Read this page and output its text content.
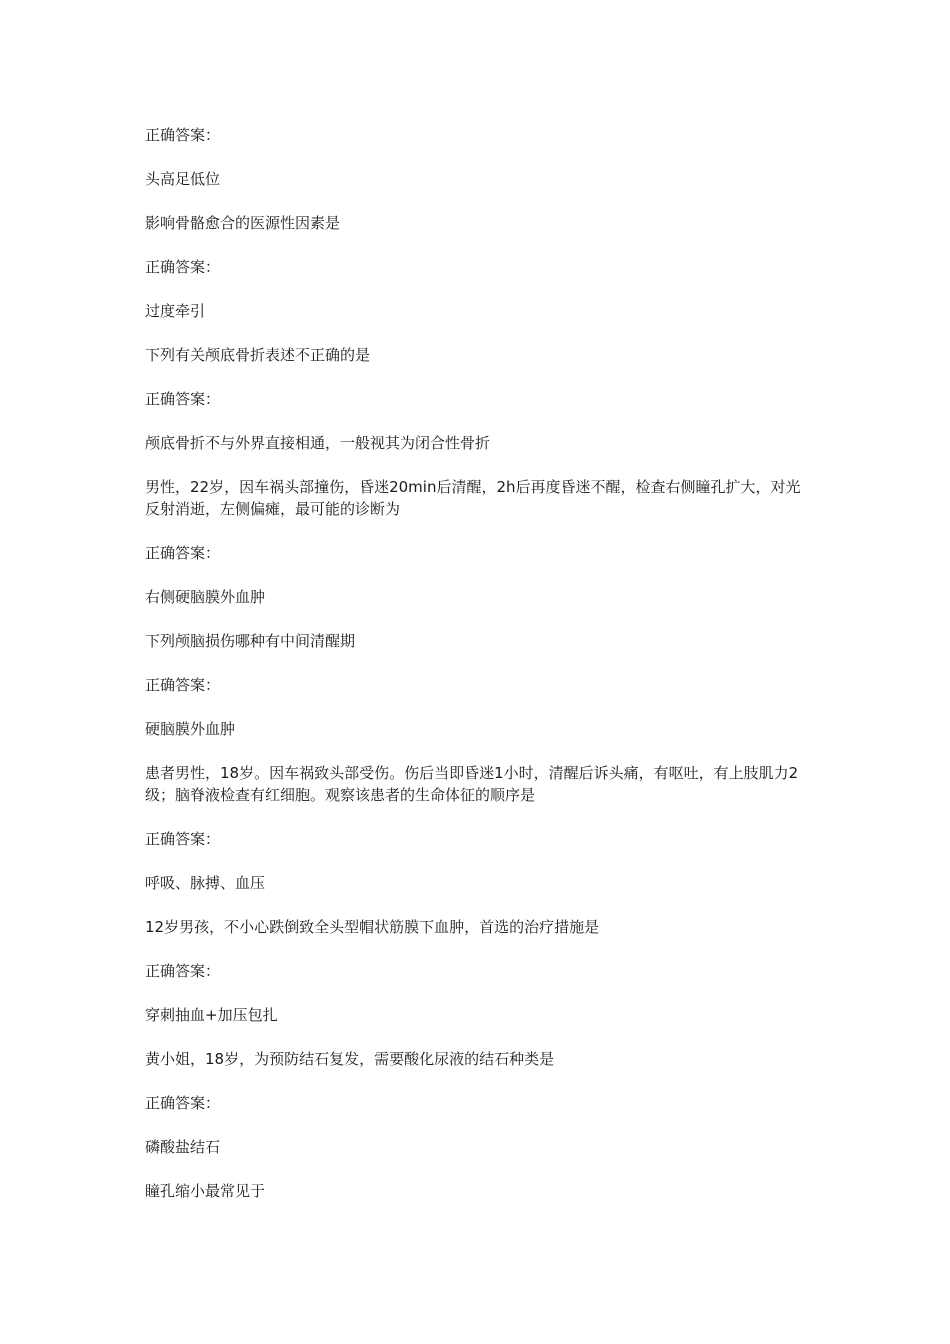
正确答案：

头高足低位

影响骨骼愈合的医源性因素是

正确答案：

过度牵引

下列有关颅底骨折表述不正确的是

正确答案：

颅底骨折不与外界直接相通，一般视其为闭合性骨折

男性，22岁，因车祸头部撞伤，昏迷20min后清醒，2h后再度昏迷不醒，检查右侧瞳孔扩大，对光反射消逝，左侧偏瘫，最可能的诊断为

正确答案：

右侧硬脑膜外血肿

下列颅脑损伤哪种有中间清醒期

正确答案：

硬脑膜外血肿

患者男性，18岁。因车祸致头部受伤。伤后当即昏迷1小时，清醒后诉头痛，有呕吐，有上肢肌力2级；脑脊液检查有红细胞。观察该患者的生命体征的顺序是

正确答案：

呼吸、脉搏、血压

12岁男孩，不小心跌倒致全头型帽状筋膜下血肿，首选的治疗措施是

正确答案：

穿刺抽血+加压包扎

黄小姐，18岁，为预防结石复发，需要酸化尿液的结石种类是

正确答案：

磷酸盐结石

瞳孔缩小最常见于
